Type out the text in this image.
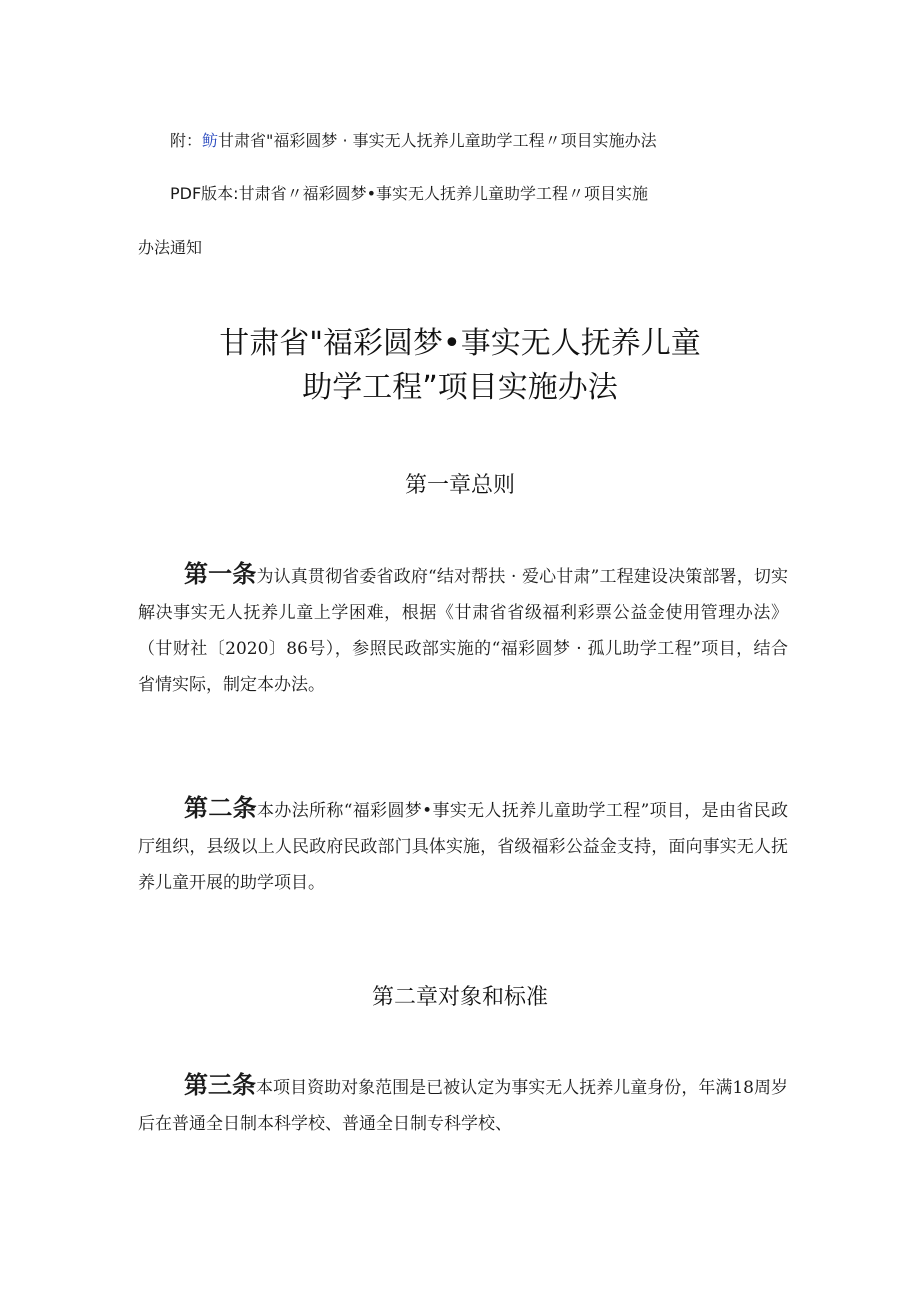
附：鲂甘肃省"福彩圆梦 · 事实无人抚养儿童助学工程〃项目实施办法
PDF版本:甘肃省〃福彩圆梦•事实无人抚养儿童助学工程〃项目实施
办法通知
甘肃省"福彩圆梦•事实无人抚养儿童
助学工程”项目实施办法
第一章总则
第一条为认真贯彻省委省政府“结对帮扶 · 爱心甘肃”工程建设决策部署，切实解决事实无人抚养儿童上学困难，根据《甘肃省省级福利彩票公益金使用管理办法》（甘财社〔2020〕86号），参照民政部实施的“福彩圆梦 · 孤儿助学工程”项目，结合省情实际，制定本办法。
第二条本办法所称“福彩圆梦•事实无人抚养儿童助学工程”项目，是由省民政厅组织，县级以上人民政府民政部门具体实施，省级福彩公益金支持，面向事实无人抚养儿童开展的助学项目。
第二章对象和标准
第三条本项目资助对象范围是已被认定为事实无人抚养儿童身份，年满18周岁后在普通全日制本科学校、普通全日制专科学校、
